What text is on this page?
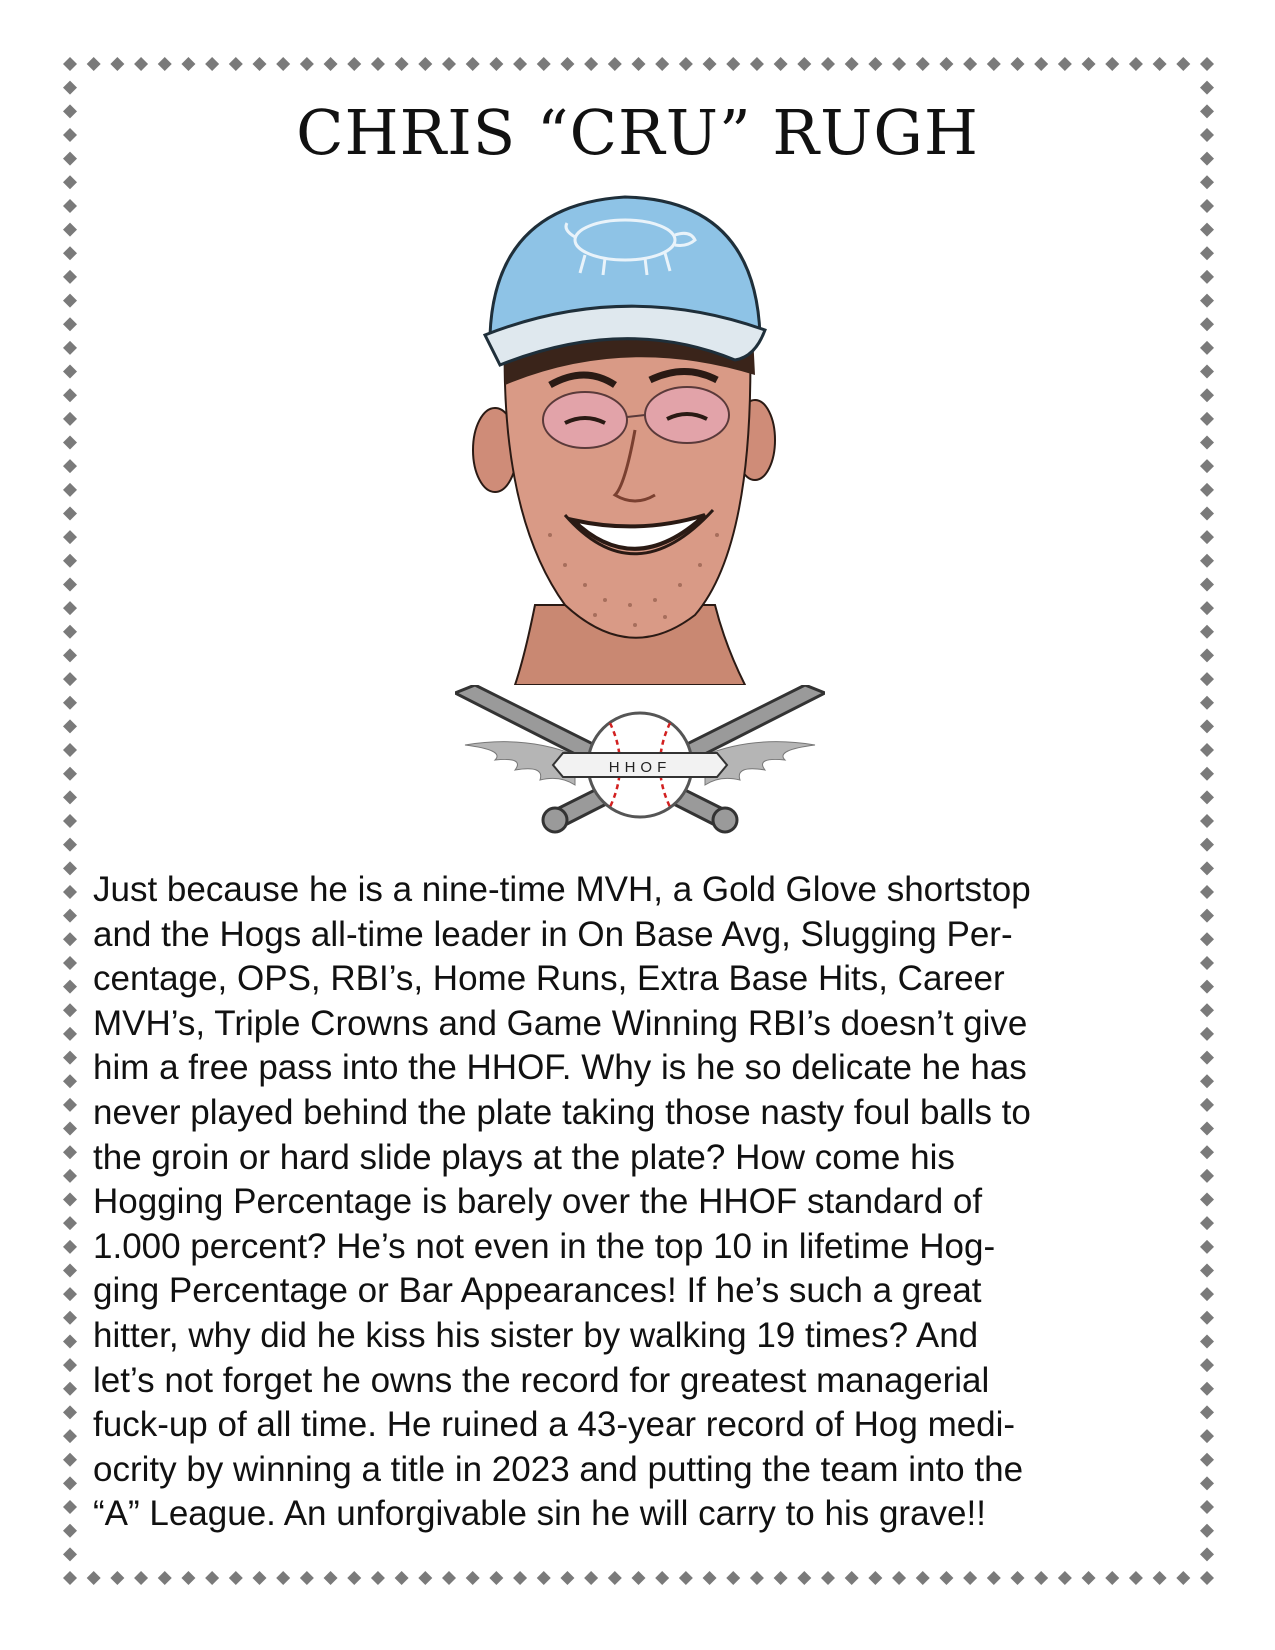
CHRIS “CRU” RUGH
HHOF

Just because he is a nine-time MVH, a Gold Glove shortstop
and the Hogs all-time leader in On Base Avg, Slugging Per-
centage, OPS, RBI’s, Home Runs, Extra Base Hits, Career
MVH’s, Triple Crowns and Game Winning RBI’s doesn’t give
him a free pass into the HHOF. Why is he so delicate he has
never played behind the plate taking those nasty foul balls to
the groin or hard slide plays at the plate? How come his
Hogging Percentage is barely over the HHOF standard of
1.000 percent? He’s not even in the top 10 in lifetime Hog-
ging Percentage or Bar Appearances! If he’s such a great
hitter, why did he kiss his sister by walking 19 times? And
let’s not forget he owns the record for greatest managerial
fuck-up of all time. He ruined a 43-year record of Hog medi-
ocrity by winning a title in 2023 and putting the team into the
“A” League. An unforgivable sin he will carry to his grave!!
